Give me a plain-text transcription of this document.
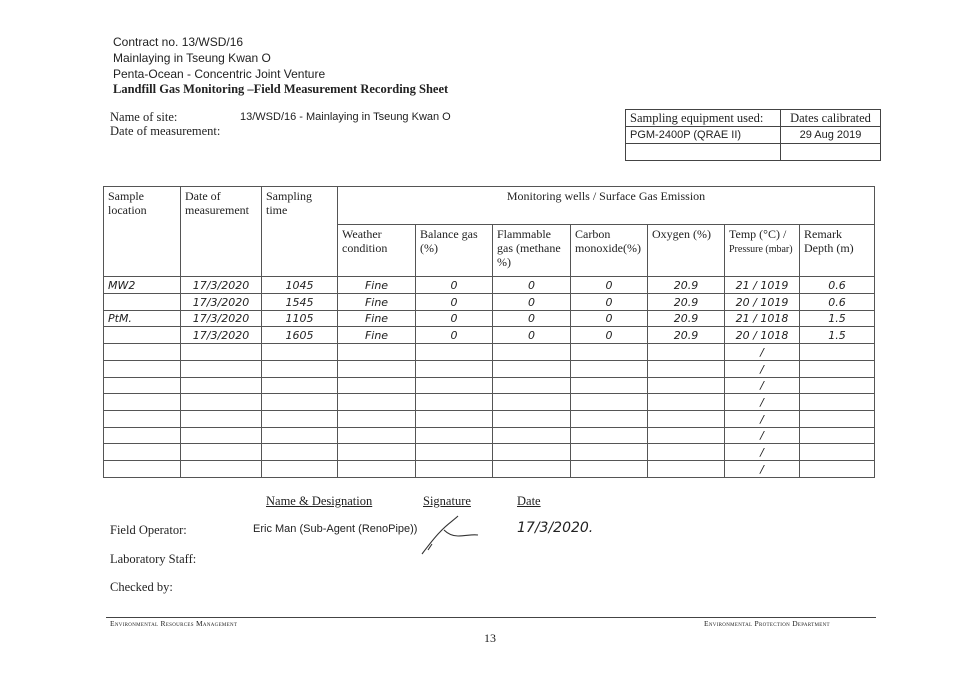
Contract no. 13/WSD/16
Mainlaying in Tseung Kwan O
Penta-Ocean - Concentric Joint Venture
Landfill Gas Monitoring –Field Measurement Recording Sheet
Name of site:	13/WSD/16 - Mainlaying in Tseung Kwan O
Date of measurement:
Sampling equipment used:	Dates calibrated
PGM-2400P (QRAE II)	29 Aug 2019

Sample location	Date of measurement	Sampling time	Monitoring wells / Surface Gas Emission						
			Weather condition	Balance gas (%)	Flammable gas (methane %)	Carbon monoxide(%)	Oxygen (%)	Temp (°C) /
Pressure (mbar)	Remark Depth (m)
MW2	17/3/2020	1045	Fine	0	0	0	20.9	21 / 1019	0.6
	17/3/2020	1545	Fine	0	0	0	20.9	20 / 1019	0.6
PtM.	17/3/2020	1105	Fine	0	0	0	20.9	21 / 1018	1.5
	17/3/2020	1605	Fine	0	0	0	20.9	20 / 1018	1.5
								/	
								/	
								/	
								/	
								/	
								/	
								/	
								/	
Name & Designation	Signature	Date
Field Operator:	Eric Man (Sub-Agent (RenoPipe))	17/3/2020.
Laboratory Staff:
Checked by:
Environmental Resources Management	Environmental Protection Department
13
